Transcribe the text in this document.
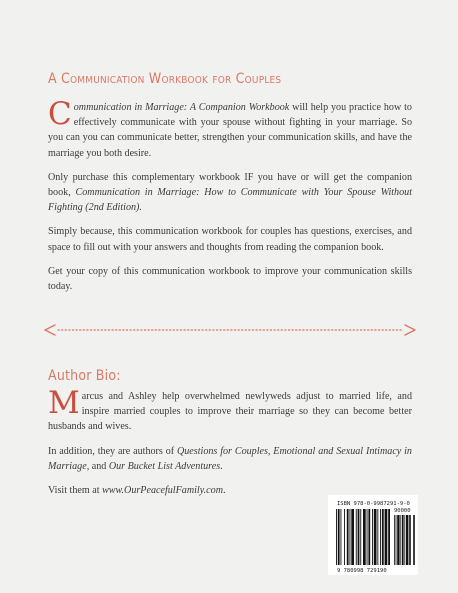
A Communication Workbook for Couples

Communication in Marriage: A Companion Workbook will help you practice how to effectively communicate with your spouse without fighting in your marriage. So you can you can communicate better, strengthen your communication skills, and have the marriage you both desire.

Only purchase this complementary workbook IF you have or will get the companion book, Communication in Marriage: How to Communicate with Your Spouse Without Fighting (2nd Edition).

Simply because, this communication workbook for couples has questions, exercises, and space to fill out with your answers and thoughts from reading the companion book.

Get your copy of this communication workbook to improve your communication skills today.

Author Bio:

Marcus and Ashley help overwhelmed newlyweds adjust to married life, and inspire married couples to improve their marriage so they can become better husbands and wives.

In addition, they are authors of Questions for Couples, Emotional and Sexual Intimacy in Marriage, and Our Bucket List Adventures.

Visit them at www.OurPeacefulFamily.com.

ISBN 978-0-9987291-9-0
90000
9 780998 729190
